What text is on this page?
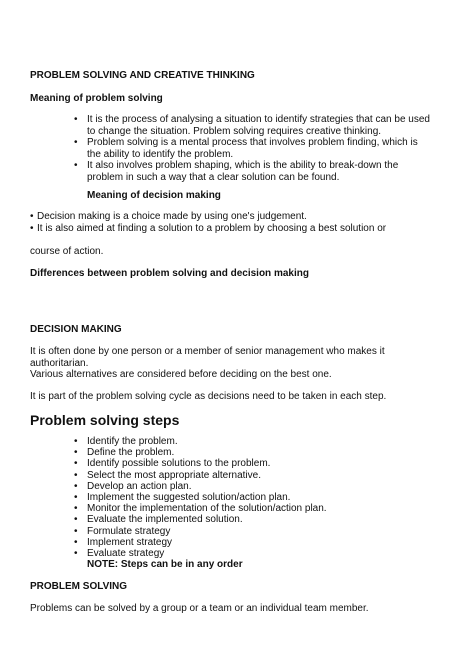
PROBLEM SOLVING AND CREATIVE THINKING
Meaning of problem solving
• It is the process of analysing a situation to identify strategies that can be used
to change the situation. Problem solving requires creative thinking.
• Problem solving is a mental process that involves problem finding, which is
the ability to identify the problem.
• It also involves problem shaping, which is the ability to break-down the
problem in such a way that a clear solution can be found.
Meaning of decision making
• Decision making is a choice made by using one's judgement.
• It is also aimed at finding a solution to a problem by choosing a best solution or
course of action.
Differences between problem solving and decision making
DECISION MAKING
It is often done by one person or a member of senior management who makes it
authoritarian.
Various alternatives are considered before deciding on the best one.
It is part of the problem solving cycle as decisions need to be taken in each step.
Problem solving steps
• Identify the problem.
• Define the problem.
• Identify possible solutions to the problem.
• Select the most appropriate alternative.
• Develop an action plan.
• Implement the suggested solution/action plan.
• Monitor the implementation of the solution/action plan.
• Evaluate the implemented solution.
• Formulate strategy
• Implement strategy
• Evaluate strategy
NOTE: Steps can be in any order
PROBLEM SOLVING
Problems can be solved by a group or a team or an individual team member.
